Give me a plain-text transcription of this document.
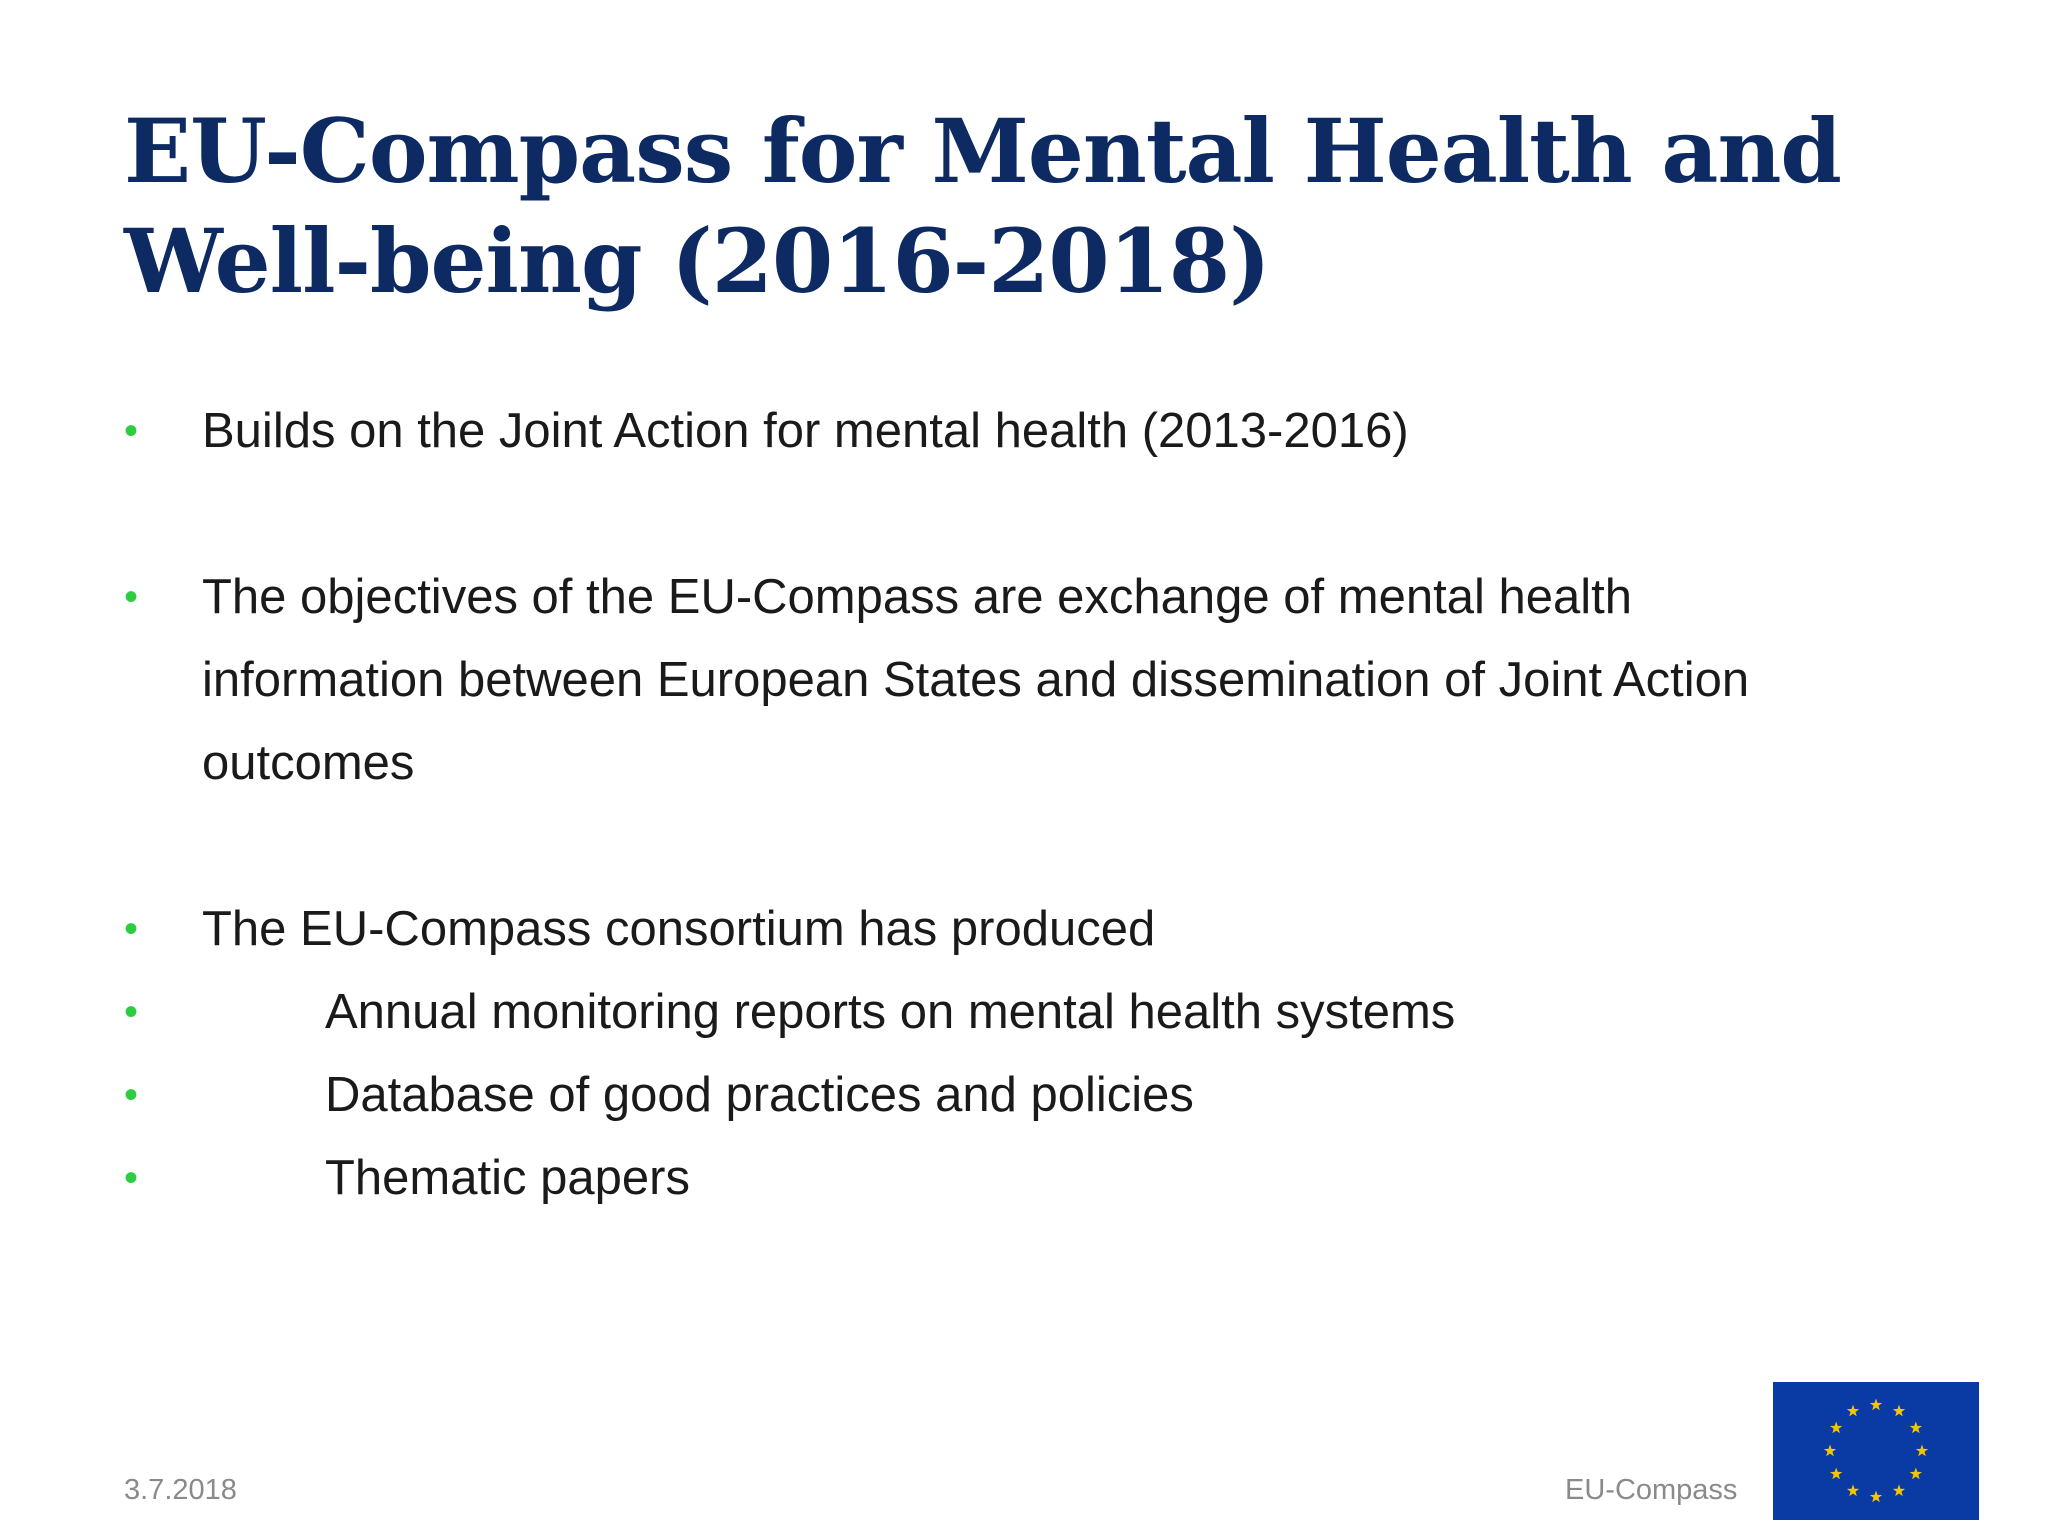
EU-Compass for Mental Health and
Well-being (2016-2018)
• Builds on the Joint Action for mental health (2013-2016)
• The objectives of the EU-Compass are exchange of mental health
information between European States and dissemination of Joint Action
outcomes
• The EU-Compass consortium has produced
•	Annual monitoring reports on mental health systems
•	Database of good practices and policies
•	Thematic papers
3.7.2018	EU-Compass
